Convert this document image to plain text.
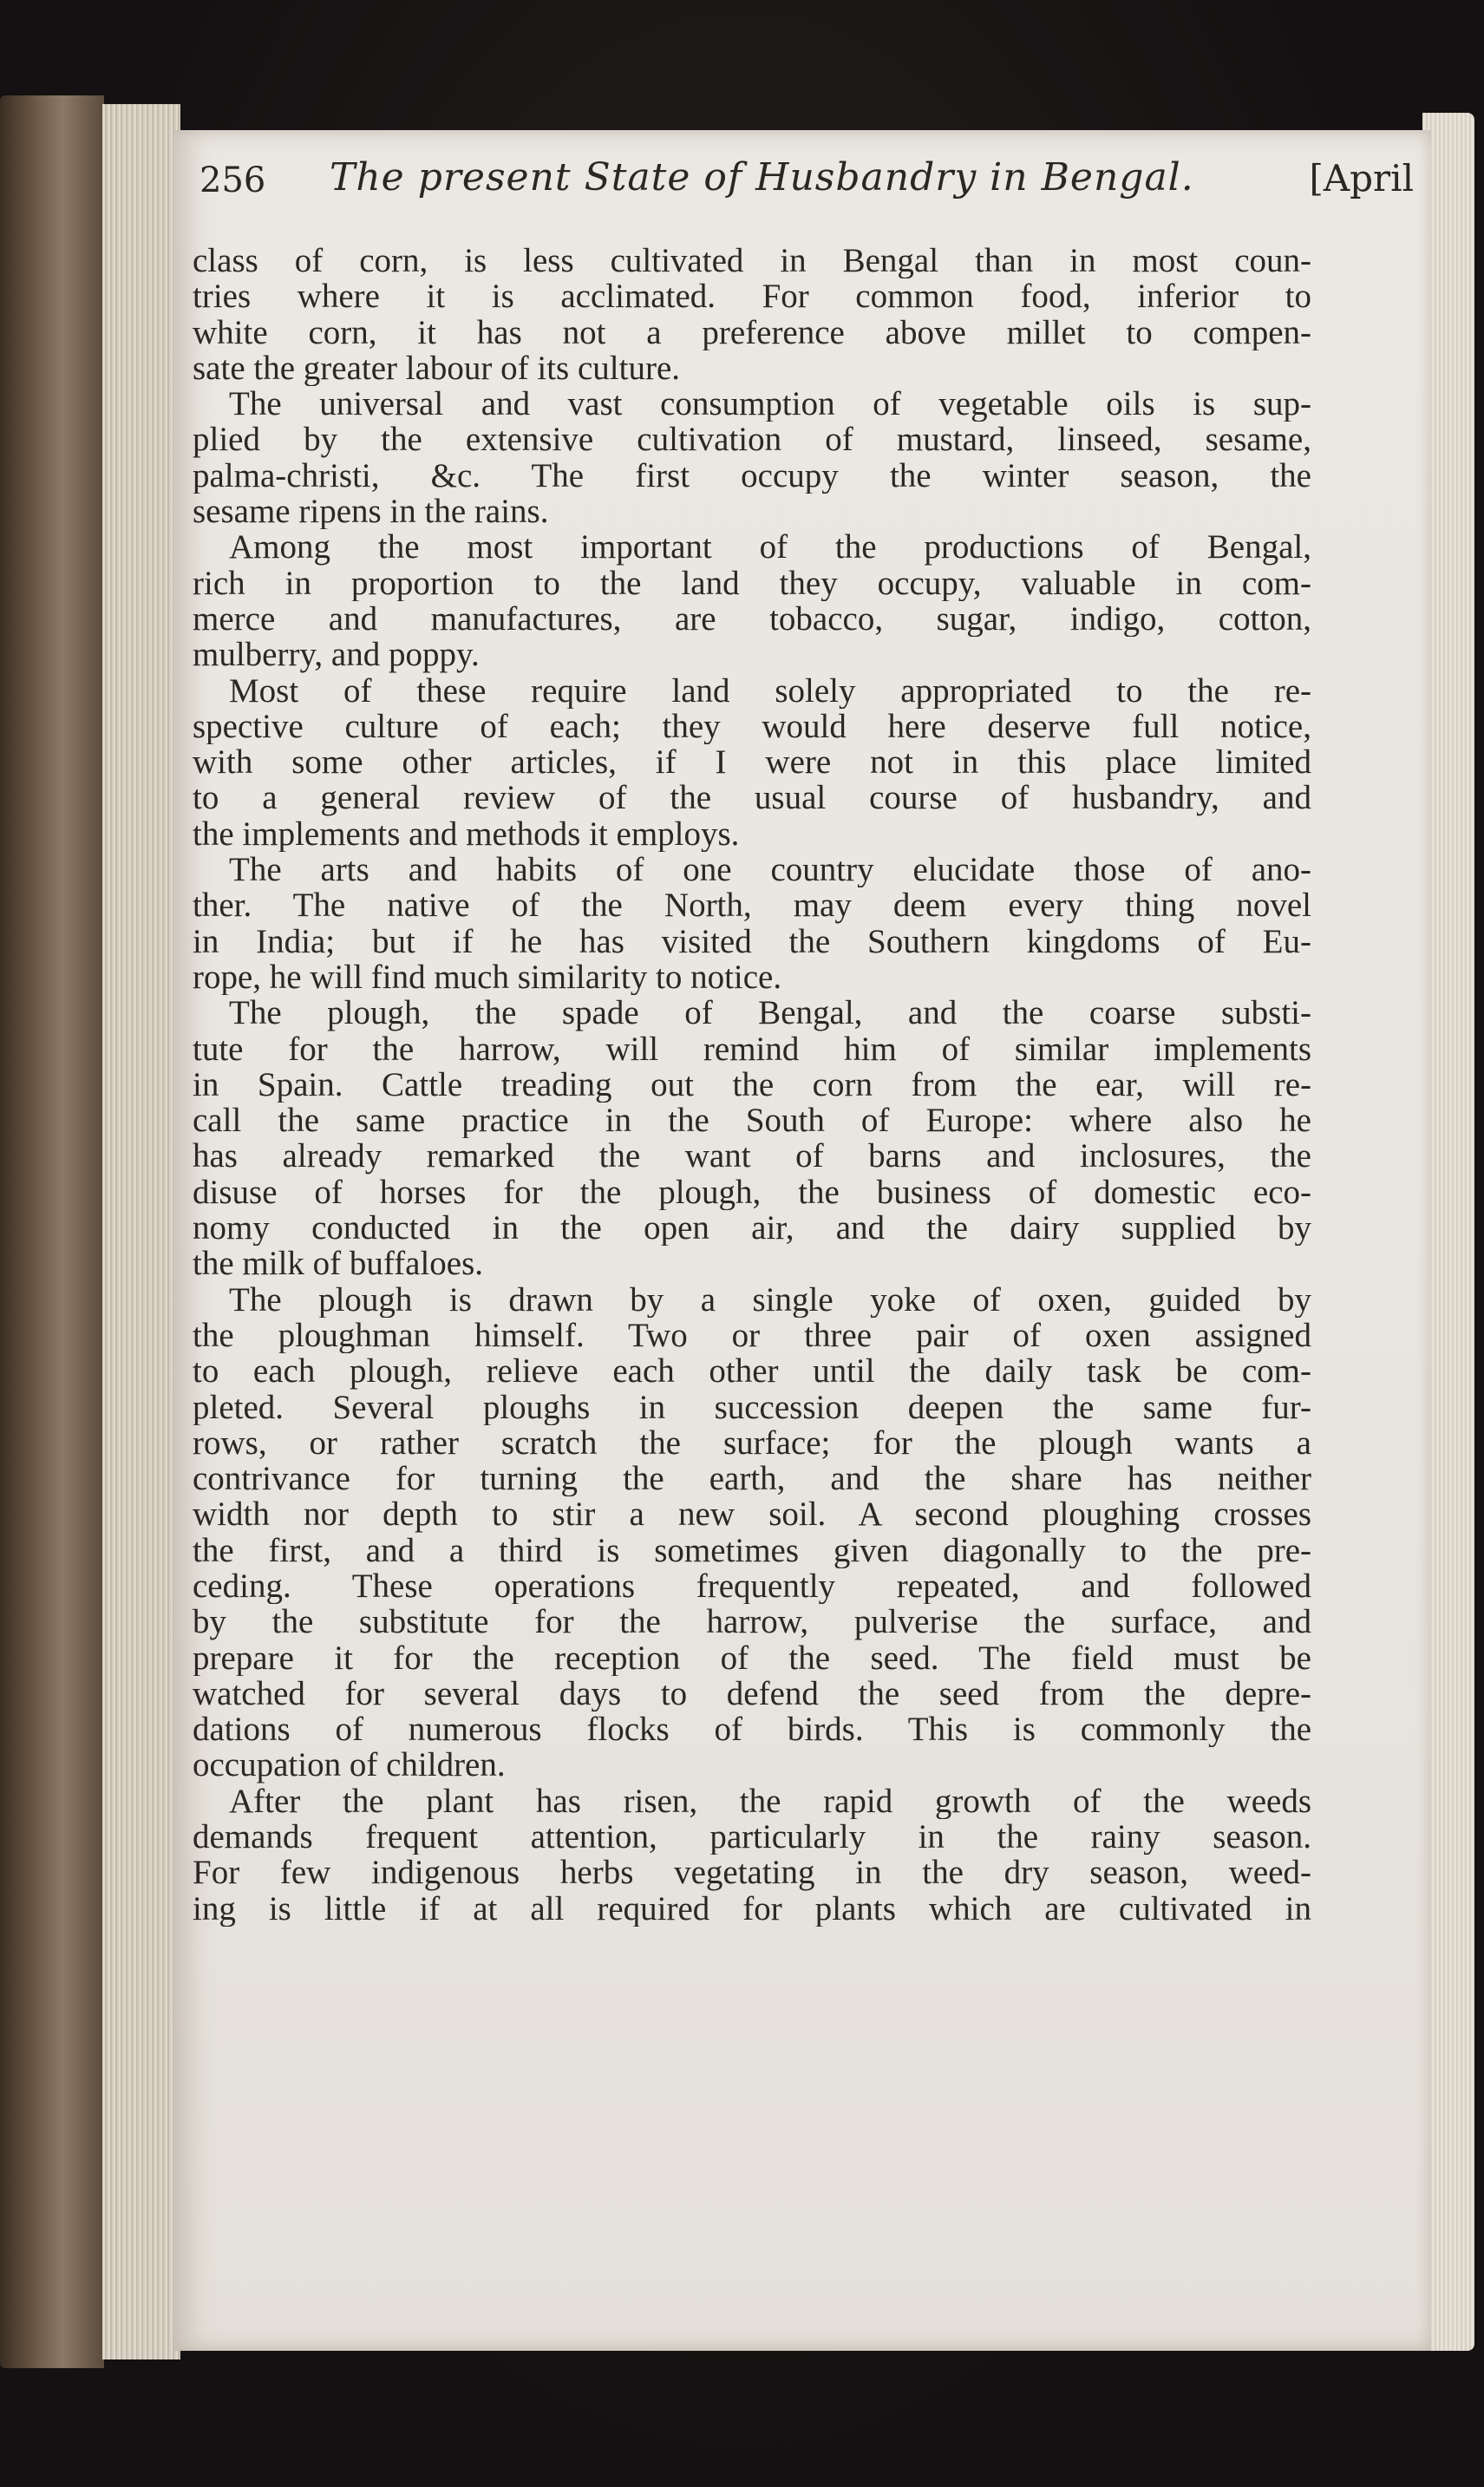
256 The present State of Husbandry in Bengal.	[April
class of corn, is less cultivated in Bengal than in most coun-
tries where it is acclimated. For common food, inferior to
white corn, it has not a preference above millet to compen-
sate the greater labour of its culture.
The universal and vast consumption of vegetable oils is sup-
plied by the extensive cultivation of mustard, linseed, sesame,
palma-christi, &c. The first occupy the winter season, the
sesame ripens in the rains.
Among the most important of the productions of Bengal,
rich in proportion to the land they occupy, valuable in com-
merce and manufactures, are tobacco, sugar, indigo, cotton,
mulberry, and poppy.
Most of these require land solely appropriated to the re-
spective culture of each; they would here deserve full notice,
with some other articles, if I were not in this place limited
to a general review of the usual course of husbandry, and
the implements and methods it employs.
The arts and habits of one country elucidate those of ano-
ther. The native of the North, may deem every thing novel
in India; but if he has visited the Southern kingdoms of Eu-
rope, he will find much similarity to notice.
The plough, the spade of Bengal, and the coarse substi-
tute for the harrow, will remind him of similar implements
in Spain. Cattle treading out the corn from the ear, will re-
call the same practice in the South of Europe: where also he
has already remarked the want of barns and inclosures, the
disuse of horses for the plough, the business of domestic eco-
nomy conducted in the open air, and the dairy supplied by
the milk of buffaloes.
The plough is drawn by a single yoke of oxen, guided by
the ploughman himself. Two or three pair of oxen assigned
to each plough, relieve each other until the daily task be com-
pleted. Several ploughs in succession deepen the same fur-
rows, or rather scratch the surface; for the plough wants a
contrivance for turning the earth, and the share has neither
width nor depth to stir a new soil. A second ploughing crosses
the first, and a third is sometimes given diagonally to the pre-
ceding. These operations frequently repeated, and followed
by the substitute for the harrow, pulverise the surface, and
prepare it for the reception of the seed. The field must be
watched for several days to defend the seed from the depre-
dations of numerous flocks of birds. This is commonly the
occupation of children.
After the plant has risen, the rapid growth of the weeds
demands frequent attention, particularly in the rainy season.
For few indigenous herbs vegetating in the dry season, weed-
ing is little if at all required for plants which are cultivated in
